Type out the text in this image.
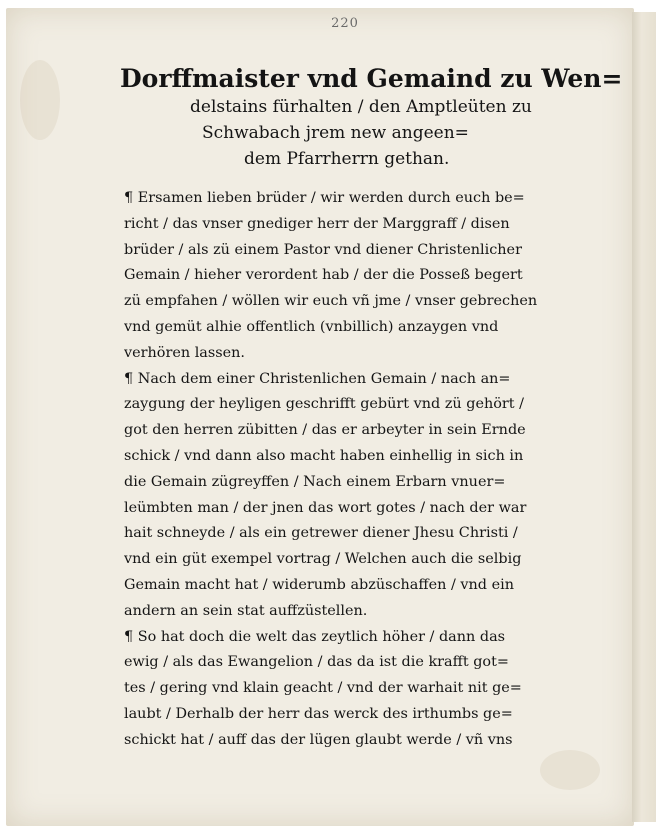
220
Dorffmaister vnd Gemaind zu Wen=
delstains fürhalten / den Amptleüten zu
Schwabach jrem new angeen=
dem Pfarrherrn gethan.
¶ Ersamen lieben brüder / wir werden durch euch be=
richt / das vnser gnediger herr der Marggraff / disen
brüder / als zü einem Pastor vnd diener Christenlicher
Gemain / hieher verordent hab / der die Posseß begert
zü empfahen / wöllen wir euch vñ jme / vnser gebrechen
vnd gemüt alhie offentlich (vnbillich) anzaygen vnd
verhören lassen.
¶ Nach dem einer Christenlichen Gemain / nach an=
zaygung der heyligen geschrifft gebürt vnd zü gehört /
got den herren zübitten / das er arbeyter in sein Ernde
schick / vnd dann also macht haben einhellig in sich in
die Gemain zügreyffen / Nach einem Erbarn vnuer=
leümbten man / der jnen das wort gotes / nach der war
hait schneyde / als ein getrewer diener Jhesu Christi /
vnd ein güt exempel vortrag / Welchen auch die selbig
Gemain macht hat / widerumb abzüschaffen / vnd ein
andern an sein stat auffzüstellen.
¶ So hat doch die welt das zeytlich höher / dann das
ewig / als das Ewangelion / das da ist die krafft got=
tes / gering vnd klain geacht / vnd der warhait nit ge=
laubt / Derhalb der herr das werck des irthumbs ge=
schickt hat / auff das der lügen glaubt werde / vñ vns
